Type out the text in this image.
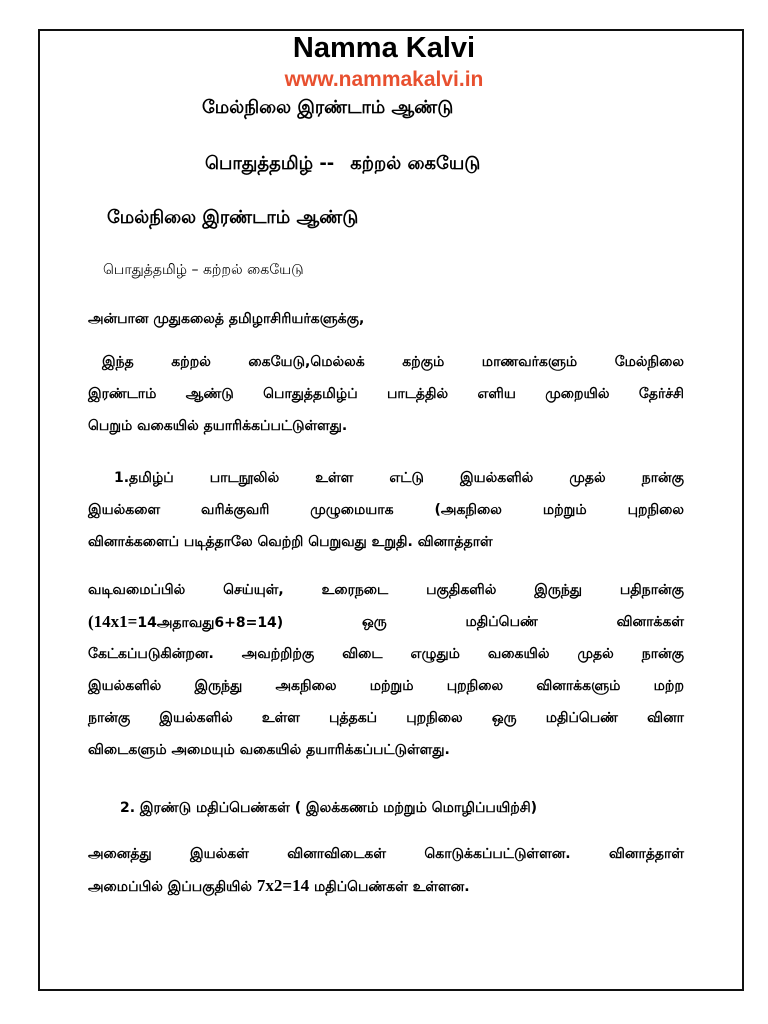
Namma Kalvi
www.nammakalvi.in
மேல்நிலை இரண்டாம் ஆண்டு
பொதுத்தமிழ் -- கற்றல் கையேடு
மேல்நிலை இரண்டாம் ஆண்டு
பொதுத்தமிழ் – கற்றல் கையேடு
அன்பான முதுகலைத் தமிழாசிரியர்களுக்கு,
இந்த கற்றல் கையேடு,மெல்லக் கற்கும் மாணவர்களும் மேல்நிலை
இரண்டாம் ஆண்டு பொதுத்தமிழ்ப் பாடத்தில் எளிய முறையில் தேர்ச்சி
பெறும் வகையில் தயாரிக்கப்பட்டுள்ளது.
1.தமிழ்ப் பாடநூலில் உள்ள எட்டு இயல்களில் முதல் நான்கு
இயல்களை வரிக்குவரி முழுமையாக (அகநிலை மற்றும் புறநிலை
வினாக்களைப் படித்தாலே வெற்றி பெறுவது உறுதி. வினாத்தாள்
வடிவமைப்பில் செய்யுள், உரைநடை பகுதிகளில் இருந்து பதிநான்கு
(14x1=14அதாவது6+8=14)	ஒரு	மதிப்பெண்	வினாக்கள்
கேட்கப்படுகின்றன. அவற்றிற்கு விடை எழுதும் வகையில் முதல் நான்கு
இயல்களில் இருந்து அகநிலை மற்றும் புறநிலை வினாக்களும் மற்ற
நான்கு இயல்களில் உள்ள புத்தகப் புறநிலை ஒரு மதிப்பெண் வினா
விடைகளும் அமையும் வகையில் தயாரிக்கப்பட்டுள்ளது.
2. இரண்டு மதிப்பெண்கள் ( இலக்கணம் மற்றும் மொழிப்பயிற்சி)
அனைத்து இயல்கள் வினாவிடைகள் கொடுக்கப்பட்டுள்ளன. வினாத்தாள்
அமைப்பில் இப்பகுதியில் 7x2=14 மதிப்பெண்கள் உள்ளன.
